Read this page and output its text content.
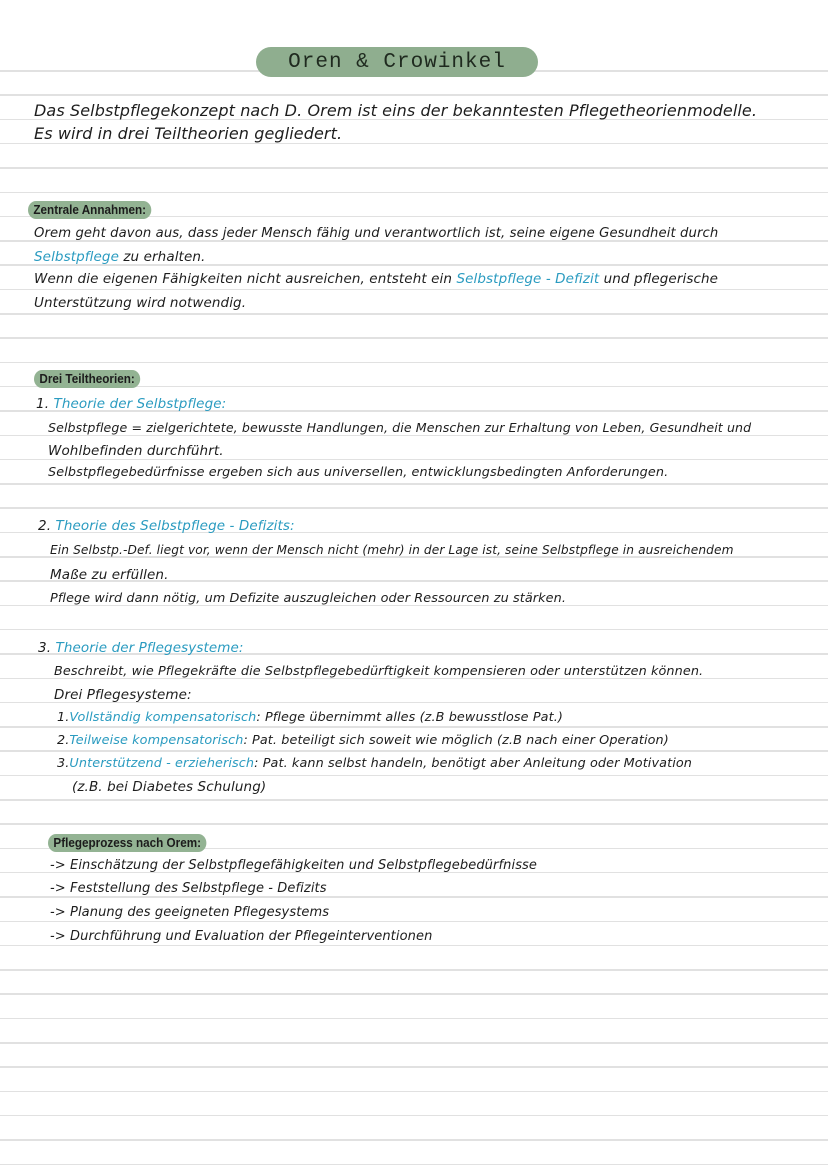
Oren & Crowinkel
Das Selbstpflegekonzept nach D. Orem ist eins der bekanntesten Pflegetheorienmodelle.
Es wird in drei Teiltheorien gegliedert.
Zentrale Annahmen:
Orem geht davon aus, dass jeder Mensch fähig und verantwortlich ist, seine eigene Gesundheit durch
Selbstpflege zu erhalten.
Wenn die eigenen Fähigkeiten nicht ausreichen, entsteht ein Selbstpflege - Defizit und pflegerische
Unterstützung wird notwendig.
Drei Teiltheorien:
1. Theorie der Selbstpflege:
Selbstpflege = zielgerichtete, bewusste Handlungen, die Menschen zur Erhaltung von Leben, Gesundheit und
Wohlbefinden durchführt.
Selbstpflegebedürfnisse ergeben sich aus universellen, entwicklungsbedingten Anforderungen.
2. Theorie des Selbstpflege - Defizits:
Ein Selbstp.-Def. liegt vor, wenn der Mensch nicht (mehr) in der Lage ist, seine Selbstpflege in ausreichendem
Maße zu erfüllen.
Pflege wird dann nötig, um Defizite auszugleichen oder Ressourcen zu stärken.
3. Theorie der Pflegesysteme:
Beschreibt, wie Pflegekräfte die Selbstpflegebedürftigkeit kompensieren oder unterstützen können.
Drei Pflegesysteme:
1.Vollständig kompensatorisch: Pflege übernimmt alles (z.B bewusstlose Pat.)
2.Teilweise kompensatorisch: Pat. beteiligt sich soweit wie möglich (z.B nach einer Operation)
3.Unterstützend - erzieherisch: Pat. kann selbst handeln, benötigt aber Anleitung oder Motivation
(z.B. bei Diabetes Schulung)
Pflegeprozess nach Orem:
-> Einschätzung der Selbstpflegefähigkeiten und Selbstpflegebedürfnisse
-> Feststellung des Selbstpflege - Defizits
-> Planung des geeigneten Pflegesystems
-> Durchführung und Evaluation der Pflegeinterventionen
